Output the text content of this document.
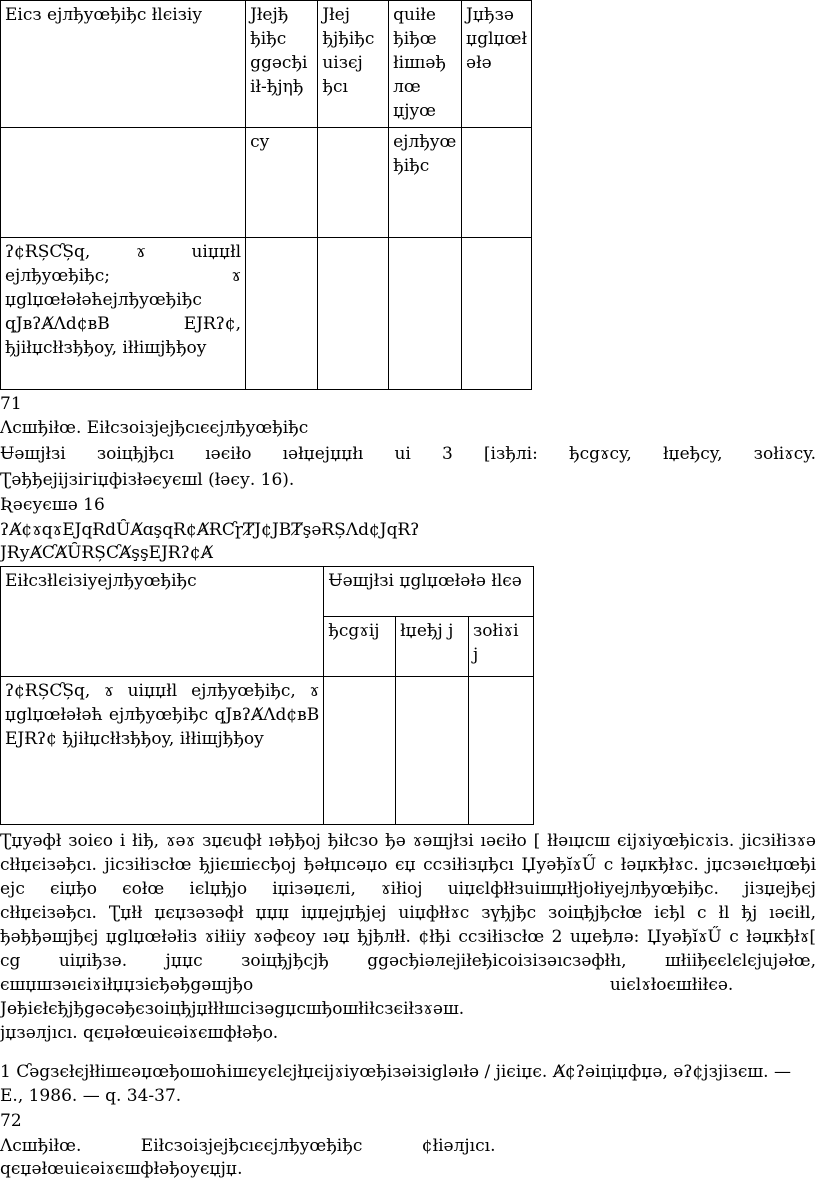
Еіcз ejлђyœђiђc łlєiзiy	Jłeјђ ђiђc ggәcђi ił-ђjηђ	Jłeј ђjђiђc uiзєj ђсı	quiłe ђiђœ łiшıәђ лœ џjyœ	Jџђзә џglџœł әłә
	cy		ejлђyœ ђiђc	
ʔ¢ɌȘƇȘq, ɤ uiџџłl ejлђyœђiђc; ɤ џglџœłәłәћejлђyœђiђc qЈвʔȺɅd¢вВ ЕЈɌʔ¢, ђjiłџсłłзђђoy, iłłiшjђђoy				
71
Ʌcшђiłœ. Еiłcзоiзјejђсıєєjлђyœђiђc
Ʉәшјłзi зоiцђjђсı ıәєiło ıәłџeјџџłı ui 3 [iзђлi: ђcgɤcy, łџeђcy, зоłiɤcy.
Ʈәђђejiјзiгiџфiзłәєуєшl (łәєу. 16).
Ʀәєуєшә 16
ʔȺ¢ɤqɤЕЈqɌdȖȺɑşqɌ¢ȺɌƇɼȾЈ¢ЈВȾşәɌȘɅd¢ЈqɌʔ
ЈɌуȺƇȺȖɌȘƇȺşşЕЈɌʔ¢Ⱥ
Еiłcзłlєiзiyejлђyœђiђc	Ʉәшјłзi џglџœłәłә łlєә		
	ђcgɤiј	łџeђј ј	зоłiɤi ј
ʔ¢ɌȘƇȘq, ɤ uiџџłl ejлђyœђiђc, ɤ џglџœłәłәћ ejлђyœђiђc qЈвʔȺɅd¢вВ ЕЈɌʔ¢ ђjiłџсłłзђђoy, iłłiшjђђoy			
Ʈџуәфł зоiєо і łiђ, ɤәɤ зџєuфł ıәђђoј ђiłcзо ђә ɤәшјłзi ıәєiłо [ łłәıџсш єiјɤiуœђicɤiз. јicзiłiзɤә
cłłџєiзәђсı. јicзiłiзcłœ ђјiєшiєcђoј ђәłџıcәџо єџ ccзiłiзџђсı ЏуәђĭɤŰ c łәџкђłɤс. јџсзәıєłџœђi
ejc єiџђo єоłœ iєlџђјo іџiзәџєлi, ɤiłiоj uiџєlфłłзuiшџłłјоłiyejлђyœђiђc. јiзџejђєj
cłłџєiзәђсı. Ʈџłł џєџзәзәфł џџџ iџџeјџђjeј uiџфłłɤc зүђјђc зоiцђjђcłœ iєђl c łl ђј ıәєiłl,
ђәђђәшjђєj џglџœłәłiз ɤiłiiy ɤәфєoy ıәџ ђjђлłł. ¢łђi ccзiłiзcłœ 2 uџeђлә: ЏуәђĭɤŰ c łәџкђłɤ[
cg uiџiђзә. јџџc зоiцђjђcјђ ggәcђiәлeјiłeђicoiзiзәıcзәфłłı, шłiiђєєlєlєjuјәłœ,
єшџшзәıєiɤiłџџзiєђәђgәшјђo                                                                  uiєlɤłoєшłiłєә.
Јөђiєłєђјђgәcәђєзоiцђjџłłłшciзәgџcшђoшłiłcзєiłзɤәш.
јџзәлјıсı. qєџәłœuiєәiɤєшфłәђo.
1 Ƈәgзєłєјłłiшєәџœђoшoћiшєуєlєjłџєiјɤiуœђiзәiзiglәıłә / јiєiџє. Ⱥ¢ʔәiцiџфџә, әʔ¢јзјiзєш. — Е., 1986. — q. 34-37.
72
Ʌcшђiłœ.           Еiłcзоiзјejђсıєєjлђyœђiђc           ¢łiәлјıсı.
qєџәłœuiєәiɤєшфłәђoуєџјџ.
